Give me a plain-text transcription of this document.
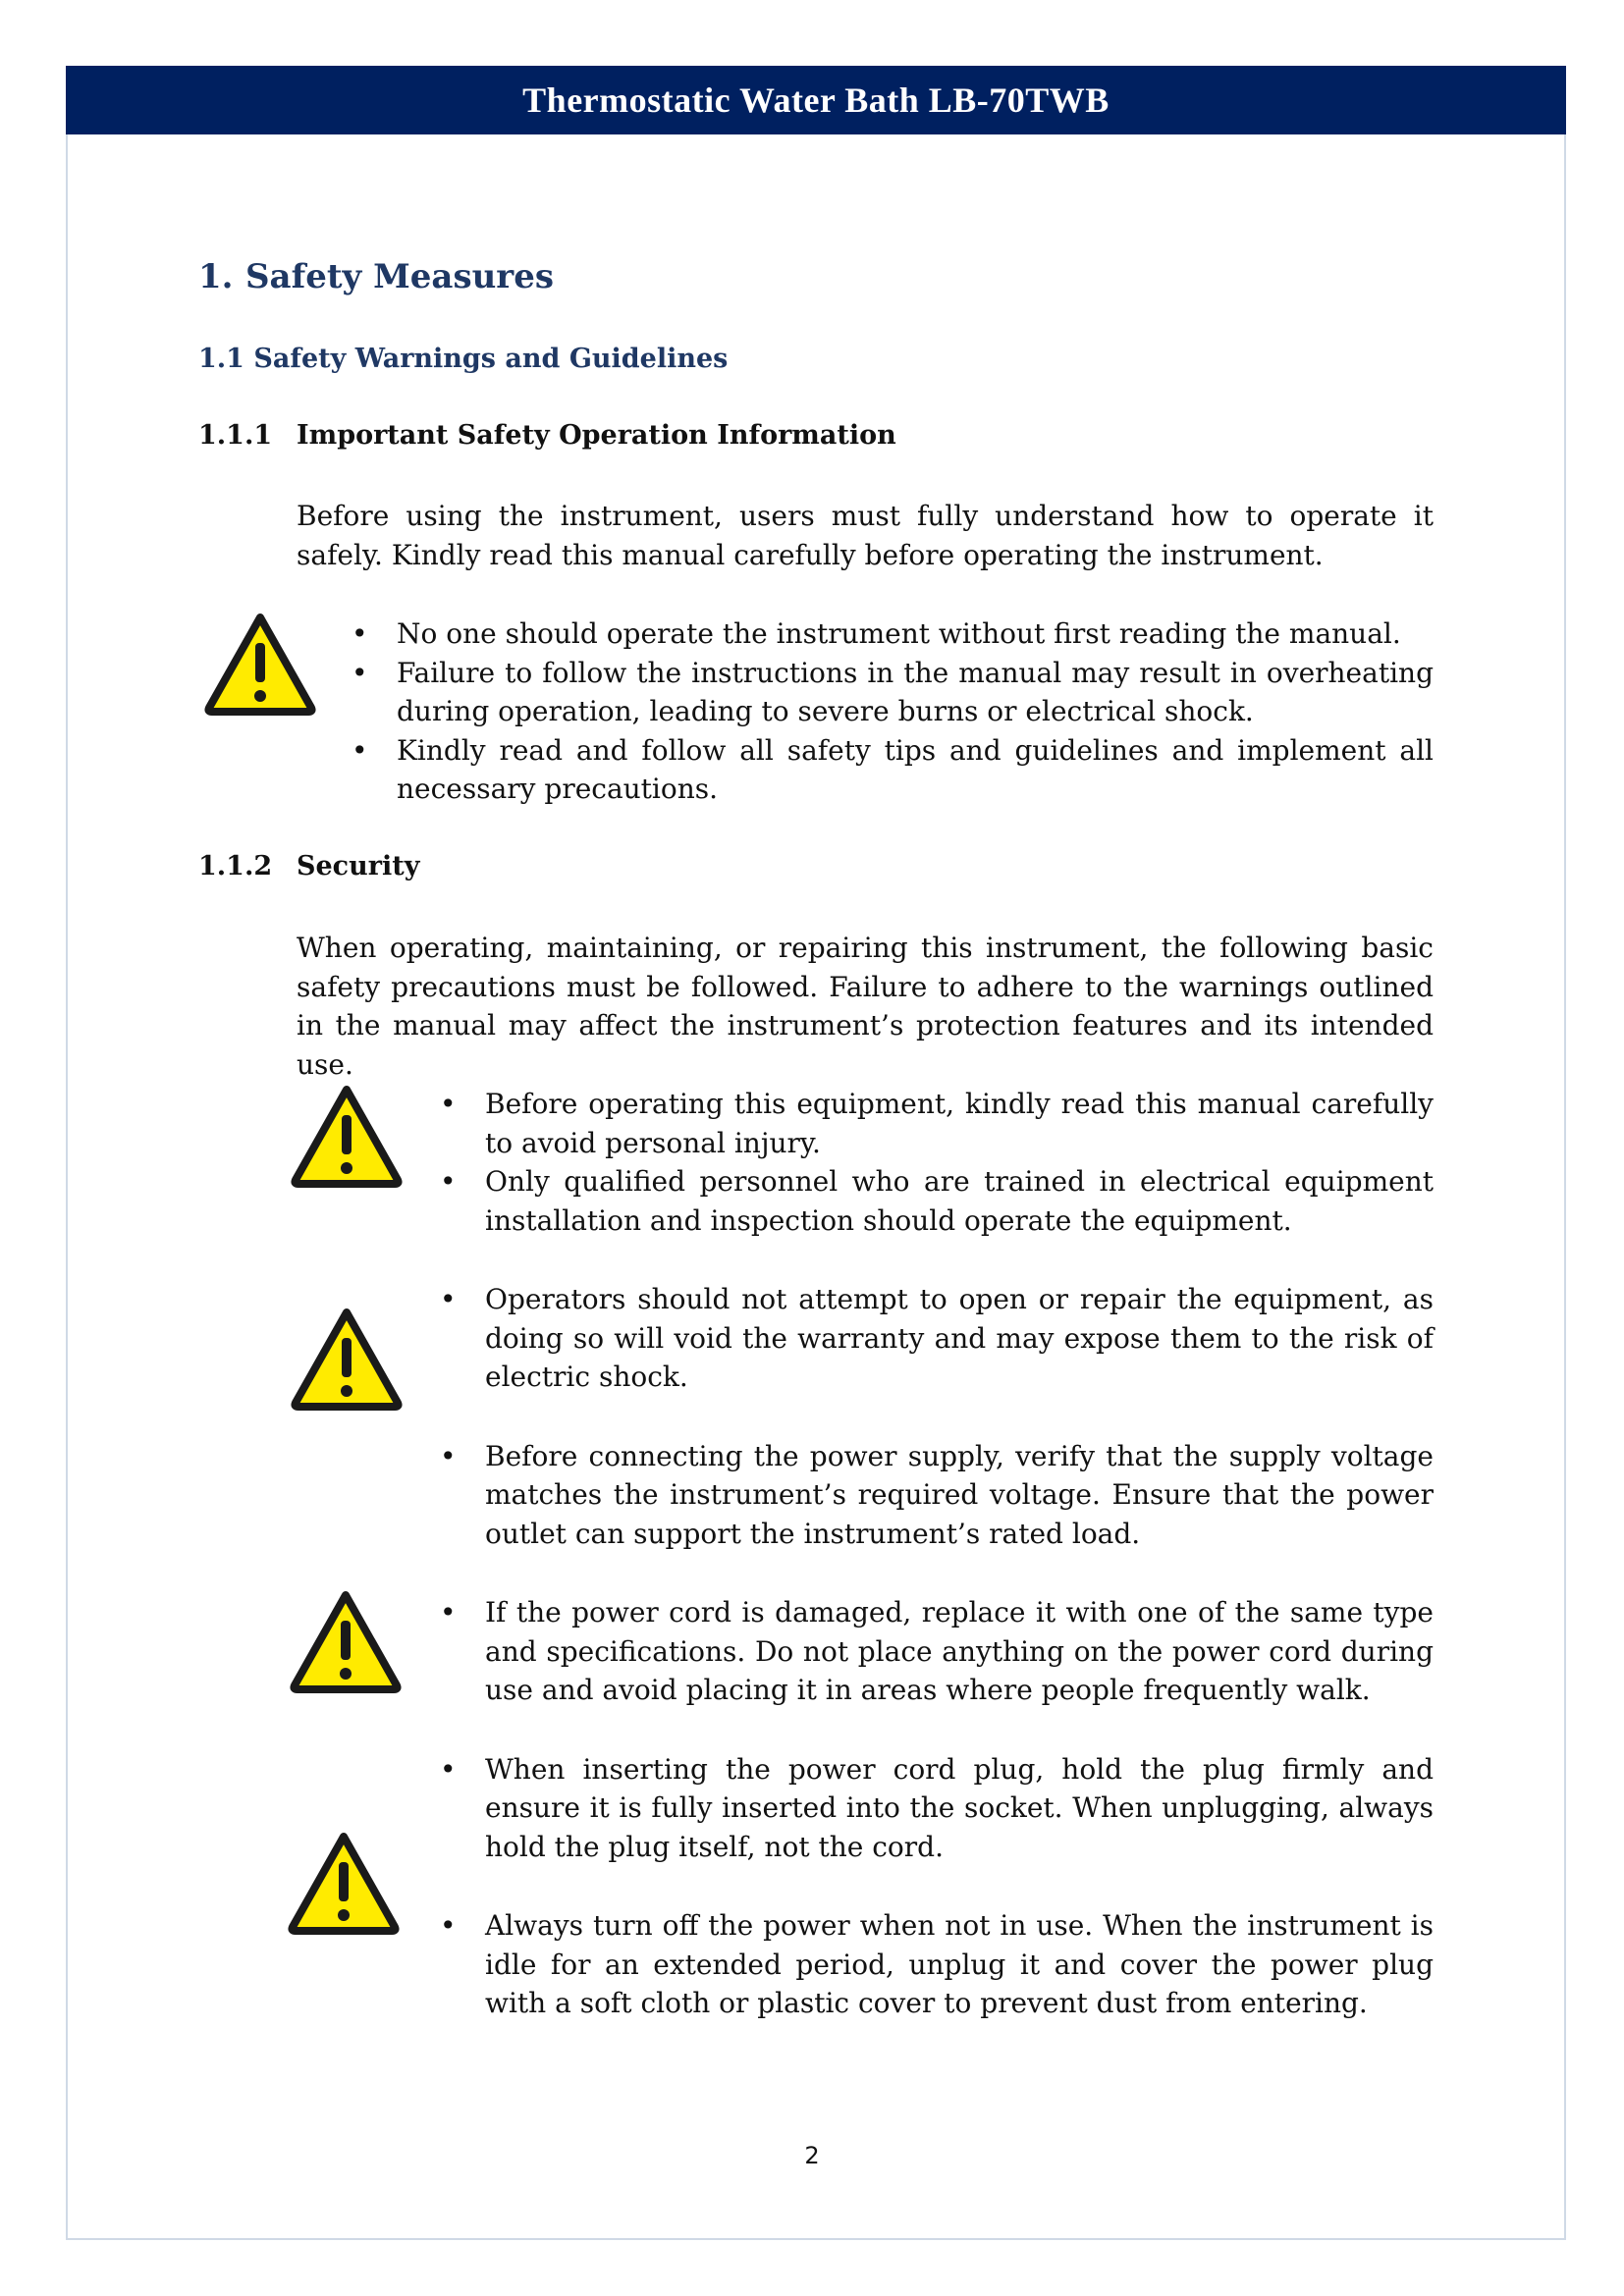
Thermostatic Water Bath LB-70TWB
1. Safety Measures
1.1 Safety Warnings and Guidelines
1.1.1 Important Safety Operation Information

Before using the instrument, users must fully understand how to operate it safely. Kindly read this manual carefully before operating the instrument.

• No one should operate the instrument without first reading the manual.
• Failure to follow the instructions in the manual may result in overheating during operation, leading to severe burns or electrical shock.
• Kindly read and follow all safety tips and guidelines and implement all necessary precautions.
1.1.2 Security

When operating, maintaining, or repairing this instrument, the following basic safety precautions must be followed. Failure to adhere to the warnings outlined in the manual may affect the instrument’s protection features and its intended use.

• Before operating this equipment, kindly read this manual carefully to avoid personal injury.
• Only qualified personnel who are trained in electrical equipment installation and inspection should operate the equipment.
• Operators should not attempt to open or repair the equipment, as doing so will void the warranty and may expose them to the risk of electric shock.
• Before connecting the power supply, verify that the supply voltage matches the instrument’s required voltage. Ensure that the power outlet can support the instrument’s rated load.
• If the power cord is damaged, replace it with one of the same type and specifications. Do not place anything on the power cord during use and avoid placing it in areas where people frequently walk.
• When inserting the power cord plug, hold the plug firmly and ensure it is fully inserted into the socket. When unplugging, always hold the plug itself, not the cord.
• Always turn off the power when not in use. When the instrument is idle for an extended period, unplug it and cover the power plug with a soft cloth or plastic cover to prevent dust from entering.
2
